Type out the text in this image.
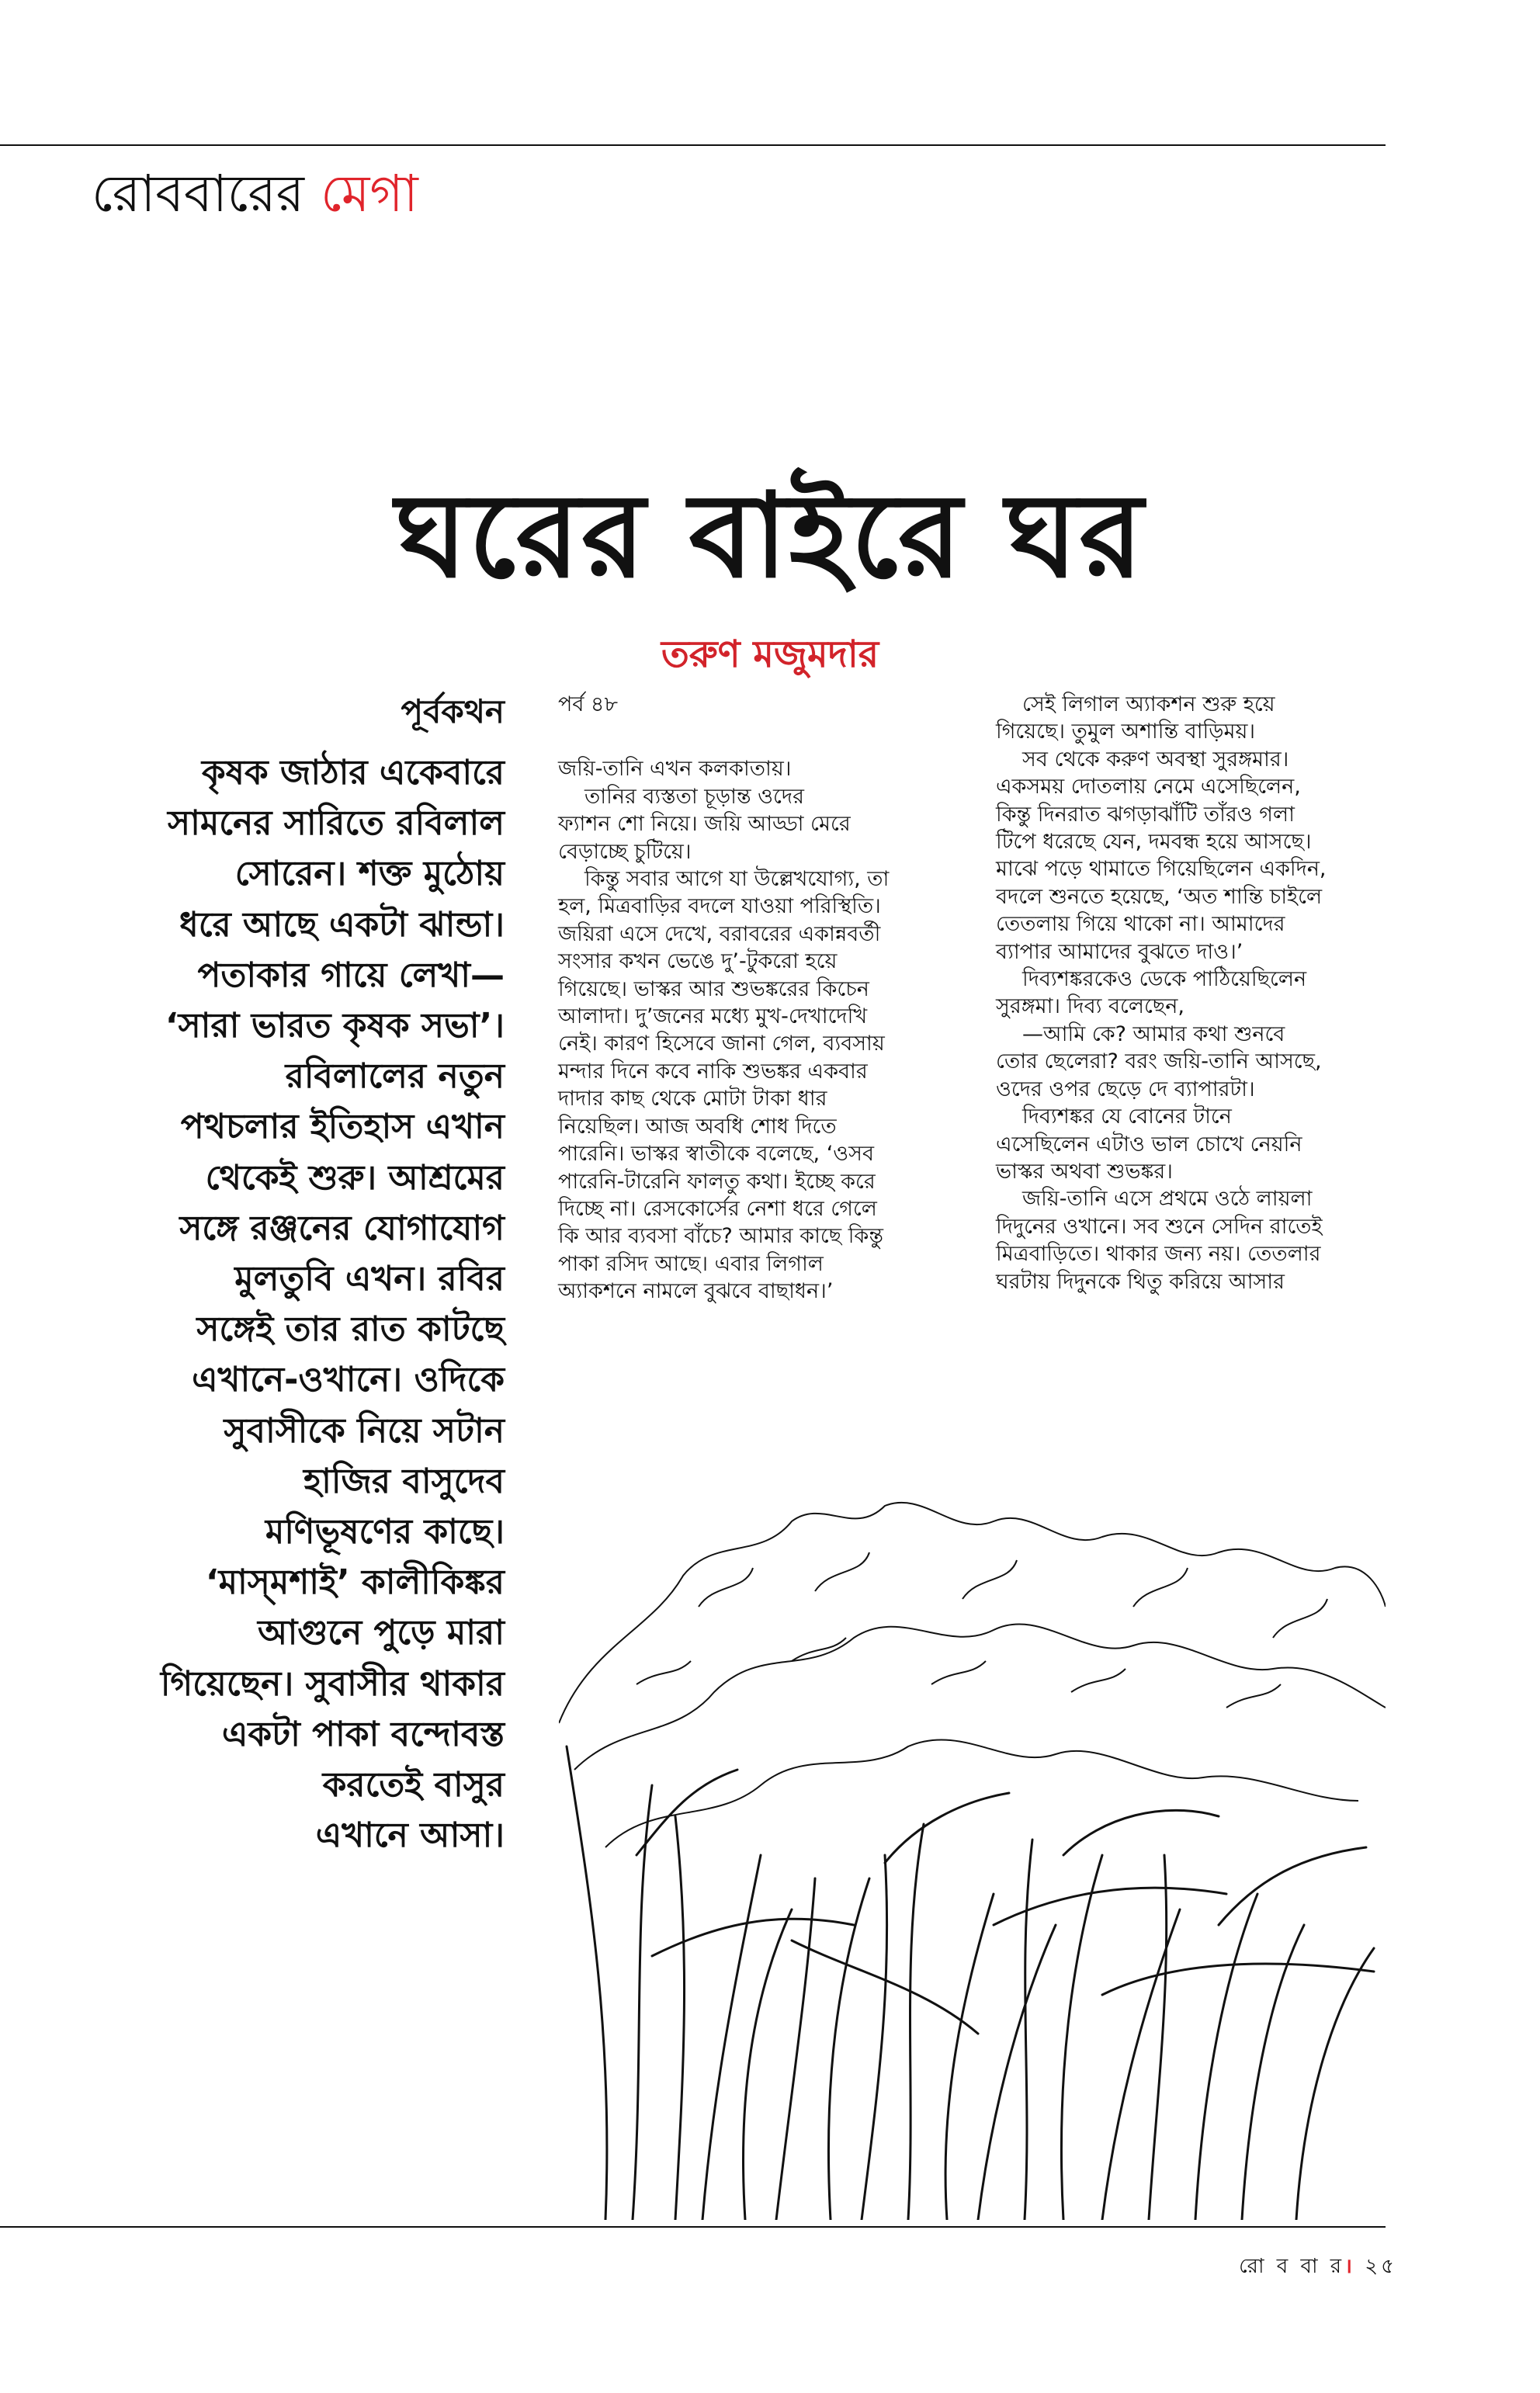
রোববারের মেগা
ঘরের বাইরে ঘর
তরুণ মজুমদার
পূর্বকথন
কৃষক জাঠার একেবারে
সামনের সারিতে রবিলাল
সোরেন। শক্ত মুঠোয়
ধরে আছে একটা ঝান্ডা।
পতাকার গায়ে লেখা—
‘সারা ভারত কৃষক সভা’।
রবিলালের নতুন
পথচলার ইতিহাস এখান
থেকেই শুরু। আশ্রমের
সঙ্গে রঞ্জনের যোগাযোগ
মুলতুবি এখন। রবির
সঙ্গেই তার রাত কাটছে
এখানে-ওখানে। ওদিকে
সুবাসীকে নিয়ে সটান
হাজির বাসুদেব
মণিভূষণের কাছে।
‘মাস্‌মশাই’ কালীকিঙ্কর
আগুনে পুড়ে মারা
গিয়েছেন। সুবাসীর থাকার
একটা পাকা বন্দোবস্ত
করতেই বাসুর
এখানে আসা।
পর্ব ৪৮
জয়ি-তানি এখন কলকাতায়।
তানির ব্যস্ততা চূড়ান্ত ওদের
ফ্যাশন শো নিয়ে। জয়ি আড্ডা মেরে
বেড়াচ্ছে চুটিয়ে।
কিন্তু সবার আগে যা উল্লেখযোগ্য, তা
হল, মিত্রবাড়ির বদলে যাওয়া পরিস্থিতি।
জয়িরা এসে দেখে, বরাবরের একান্নবর্তী
সংসার কখন ভেঙে দু’-টুকরো হয়ে
গিয়েছে। ভাস্কর আর শুভঙ্করের কিচেন
আলাদা। দু’জনের মধ্যে মুখ-দেখাদেখি
নেই। কারণ হিসেবে জানা গেল, ব্যবসায়
মন্দার দিনে কবে নাকি শুভঙ্কর একবার
দাদার কাছ থেকে মোটা টাকা ধার
নিয়েছিল। আজ অবধি শোধ দিতে
পারেনি। ভাস্কর স্বাতীকে বলেছে, ‘ওসব
পারেনি-টারেনি ফালতু কথা। ইচ্ছে করে
দিচ্ছে না। রেসকোর্সের নেশা ধরে গেলে
কি আর ব্যবসা বাঁচে? আমার কাছে কিন্তু
পাকা রসিদ আছে। এবার লিগাল
অ্যাকশনে নামলে বুঝবে বাছাধন।’
সেই লিগাল অ্যাকশন শুরু হয়ে
গিয়েছে। তুমুল অশান্তি বাড়িময়।
সব থেকে করুণ অবস্থা সুরঙ্গমার।
একসময় দোতলায় নেমে এসেছিলেন,
কিন্তু দিনরাত ঝগড়াঝাঁটি তাঁরও গলা
টিপে ধরেছে যেন, দমবন্ধ হয়ে আসছে।
মাঝে পড়ে থামাতে গিয়েছিলেন একদিন,
বদলে শুনতে হয়েছে, ‘অত শান্তি চাইলে
তেতলায় গিয়ে থাকো না। আমাদের
ব্যাপার আমাদের বুঝতে দাও।’
দিব্যশঙ্করকেও ডেকে পাঠিয়েছিলেন
সুরঙ্গমা। দিব্য বলেছেন,
—আমি কে? আমার কথা শুনবে
তোর ছেলেরা? বরং জয়ি-তানি আসছে,
ওদের ওপর ছেড়ে দে ব্যাপারটা।
দিব্যশঙ্কর যে বোনের টানে
এসেছিলেন এটাও ভাল চোখে নেয়নি
ভাস্কর অথবা শুভঙ্কর।
জয়ি-তানি এসে প্রথমে ওঠে লায়লা
দিদুনের ওখানে। সব শুনে সেদিন রাতেই
মিত্রবাড়িতে। থাকার জন্য নয়। তেতলার
ঘরটায় দিদুনকে থিতু করিয়ে আসার
রো ব বা র। ২৫
